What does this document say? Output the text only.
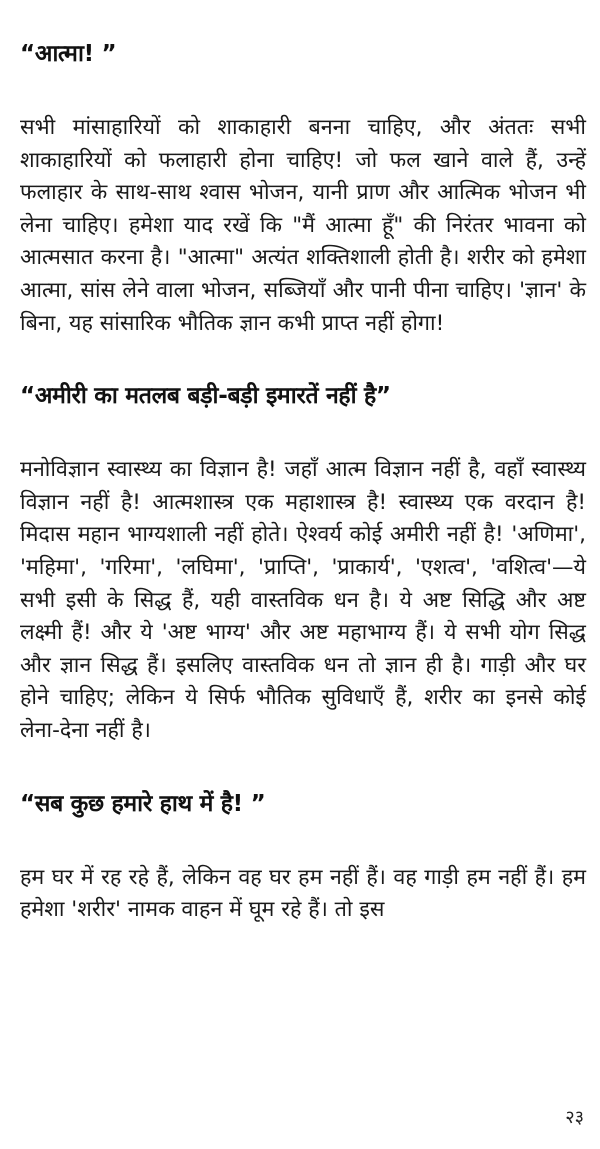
“आत्मा! ”

सभी मांसाहारियों को शाकाहारी बनना चाहिए, और अंततः सभी शाकाहारियों को फलाहारी होना चाहिए! जो फल खाने वाले हैं, उन्हें फलाहार के साथ-साथ श्वास भोजन, यानी प्राण और आत्मिक भोजन भी लेना चाहिए। हमेशा याद रखें कि "मैं आत्मा हूँ" की निरंतर भावना को आत्मसात करना है। "आत्मा" अत्यंत शक्तिशाली होती है। शरीर को हमेशा आत्मा, सांस लेने वाला भोजन, सब्जियाँ और पानी पीना चाहिए। 'ज्ञान' के बिना, यह सांसारिक भौतिक ज्ञान कभी प्राप्त नहीं होगा!

“अमीरी का मतलब बड़ी-बड़ी इमारतें नहीं है”

मनोविज्ञान स्वास्थ्य का विज्ञान है! जहाँ आत्म विज्ञान नहीं है, वहाँ स्वास्थ्य विज्ञान नहीं है! आत्मशास्त्र एक महाशास्त्र है! स्वास्थ्य एक वरदान है! मिदास महान भाग्यशाली नहीं होते। ऐश्वर्य कोई अमीरी नहीं है! 'अणिमा', 'महिमा', 'गरिमा', 'लघिमा', 'प्राप्ति', 'प्राकार्य', 'एशत्व', 'वशित्व'—ये सभी इसी के सिद्ध हैं, यही वास्तविक धन है। ये अष्ट सिद्धि और अष्ट लक्ष्मी हैं! और ये 'अष्ट भाग्य' और अष्ट महाभाग्य हैं। ये सभी योग सिद्ध और ज्ञान सिद्ध हैं। इसलिए वास्तविक धन तो ज्ञान ही है। गाड़ी और घर होने चाहिए; लेकिन ये सिर्फ भौतिक सुविधाएँ हैं, शरीर का इनसे कोई लेना-देना नहीं है।

“सब कुछ हमारे हाथ में है! ”

हम घर में रह रहे हैं, लेकिन वह घर हम नहीं हैं। वह गाड़ी हम नहीं हैं। हम हमेशा 'शरीर' नामक वाहन में घूम रहे हैं। तो इस

२३
